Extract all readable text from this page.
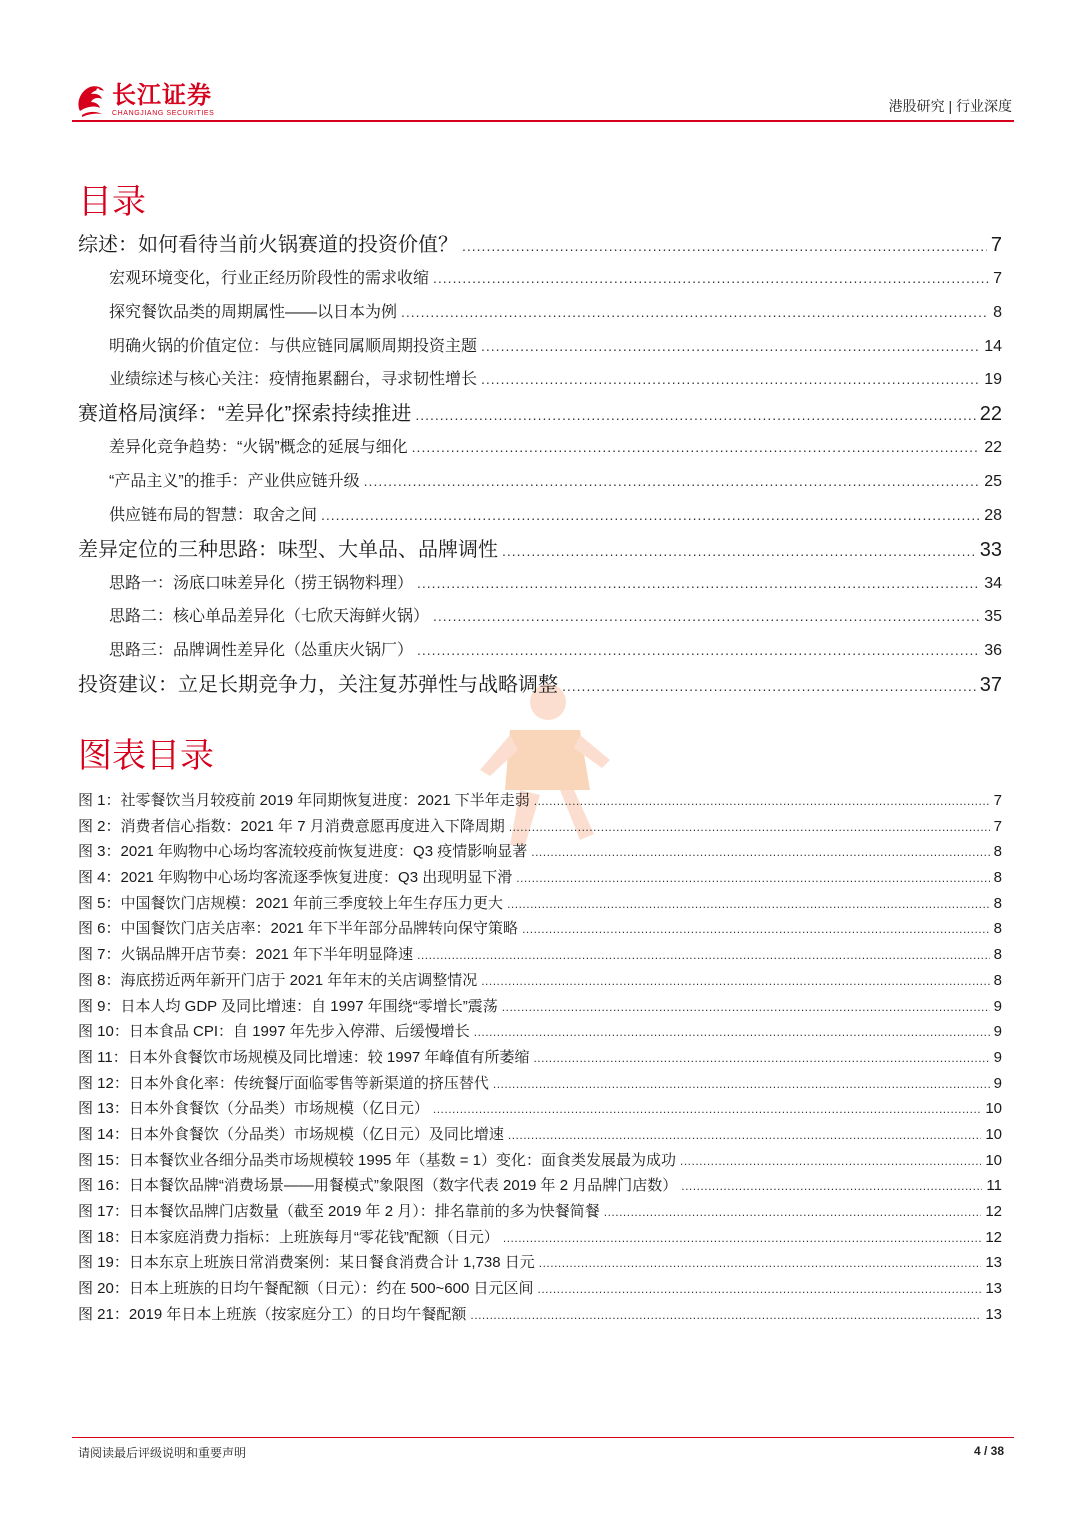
长江证券
CHANGJIANG SECURITIES	港股研究 | 行业深度
目录
综述：如何看待当前火锅赛道的投资价值？ .....	7
宏观环境变化，行业正经历阶段性的需求收缩 .....	7
探究餐饮品类的周期属性——以日本为例 .....	8
明确火锅的价值定位：与供应链同属顺周期投资主题 .....	14
业绩综述与核心关注：疫情拖累翻台，寻求韧性增长 .....	19
赛道格局演绎：“差异化”探索持续推进 .....	22
差异化竞争趋势：“火锅”概念的延展与细化 .....	22
“产品主义”的推手：产业供应链升级 .....	25
供应链布局的智慧：取舍之间 .....	28
差异定位的三种思路：味型、大单品、品牌调性 .....	33
思路一：汤底口味差异化（捞王锅物料理） .....	34
思路二：核心单品差异化（七欣天海鲜火锅） .....	35
思路三：品牌调性差异化（怂重庆火锅厂） .....	36
投资建议：立足长期竞争力，关注复苏弹性与战略调整 .....	37
图表目录
图 1：社零餐饮当月较疫前 2019 年同期恢复进度：2021 下半年走弱 .....	7
图 2：消费者信心指数：2021 年 7 月消费意愿再度进入下降周期 .....	7
图 3：2021 年购物中心场均客流较疫前恢复进度：Q3 疫情影响显著 .....	8
图 4：2021 年购物中心场均客流逐季恢复进度：Q3 出现明显下滑 .....	8
图 5：中国餐饮门店规模：2021 年前三季度较上年生存压力更大 .....	8
图 6：中国餐饮门店关店率：2021 年下半年部分品牌转向保守策略 .....	8
图 7：火锅品牌开店节奏：2021 年下半年明显降速 .....	8
图 8：海底捞近两年新开门店于 2021 年年末的关店调整情况 .....	8
图 9：日本人均 GDP 及同比增速：自 1997 年围绕“零增长”震荡 .....	9
图 10：日本食品 CPI：自 1997 年先步入停滞、后缓慢增长 .....	9
图 11：日本外食餐饮市场规模及同比增速：较 1997 年峰值有所萎缩 .....	9
图 12：日本外食化率：传统餐厅面临零售等新渠道的挤压替代 .....	9
图 13：日本外食餐饮（分品类）市场规模（亿日元） .....	10
图 14：日本外食餐饮（分品类）市场规模（亿日元）及同比增速 .....	10
图 15：日本餐饮业各细分品类市场规模较 1995 年（基数 = 1）变化：面食类发展最为成功 .....	10
图 16：日本餐饮品牌“消费场景——用餐模式”象限图（数字代表 2019 年 2 月品牌门店数） .....	11
图 17：日本餐饮品牌门店数量（截至 2019 年 2 月）：排名靠前的多为快餐简餐 .....	12
图 18：日本家庭消费力指标：上班族每月“零花钱”配额（日元） .....	12
图 19：日本东京上班族日常消费案例：某日餐食消费合计 1,738 日元 .....	13
图 20：日本上班族的日均午餐配额（日元）：约在 500~600 日元区间 .....	13
图 21：2019 年日本上班族（按家庭分工）的日均午餐配额 .....	13
请阅读最后评级说明和重要声明	4 / 38
